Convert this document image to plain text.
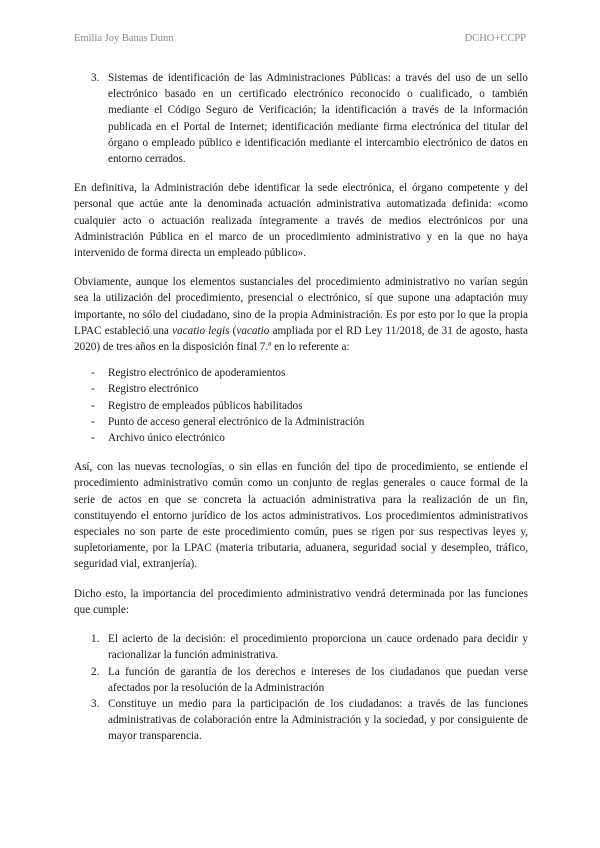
Emilia Joy Banas Dunn	DCHO+CCPP
3. Sistemas de identificación de las Administraciones Públicas: a través del uso de un sello electrónico basado en un certificado electrónico reconocido o cualificado, o también mediante el Código Seguro de Verificación; la identificación a través de la información publicada en el Portal de Internet; identificación mediante firma electrónica del titular del órgano o empleado público e identificación mediante el intercambio electrónico de datos en entorno cerrados.

En definitiva, la Administración debe identificar la sede electrónica, el órgano competente y del personal que actúe ante la denominada actuación administrativa automatizada definida: «como cualquier acto o actuación realizada íntegramente a través de medios electrónicos por una Administración Pública en el marco de un procedimiento administrativo y en la que no haya intervenido de forma directa un empleado público».

Obviamente, aunque los elementos sustanciales del procedimiento administrativo no varían según sea la utilización del procedimiento, presencial o electrónico, sí que supone una adaptación muy importante, no sólo del ciudadano, sino de la propia Administración. Es por esto por lo que la propia LPAC estableció una vacatio legis (vacatio ampliada por el RD Ley 11/2018, de 31 de agosto, hasta 2020) de tres años en la disposición final 7.ª en lo referente a:

- Registro electrónico de apoderamientos
- Registro electrónico
- Registro de empleados públicos habilitados
- Punto de acceso general electrónico de la Administración
- Archivo único electrónico

Así, con las nuevas tecnologías, o sin ellas en función del tipo de procedimiento, se entiende el procedimiento administrativo común como un conjunto de reglas generales o cauce formal de la serie de actos en que se concreta la actuación administrativa para la realización de un fin, constituyendo el entorno jurídico de los actos administrativos. Los procedimientos administrativos especiales no son parte de este procedimiento común, pues se rigen por sus respectivas leyes y, supletoriamente, por la LPAC (materia tributaria, aduanera, seguridad social y desempleo, tráfico, seguridad vial, extranjería).

Dicho esto, la importancia del procedimiento administrativo vendrá determinada por las funciones que cumple:

1. El acierto de la decisión: el procedimiento proporciona un cauce ordenado para decidir y racionalizar la función administrativa.
2. La función de garantía de los derechos e intereses de los ciudadanos que puedan verse afectados por la resolución de la Administración
3. Constituye un medio para la participación de los ciudadanos: a través de las funciones administrativas de colaboración entre la Administración y la sociedad, y por consiguiente de mayor transparencia.
